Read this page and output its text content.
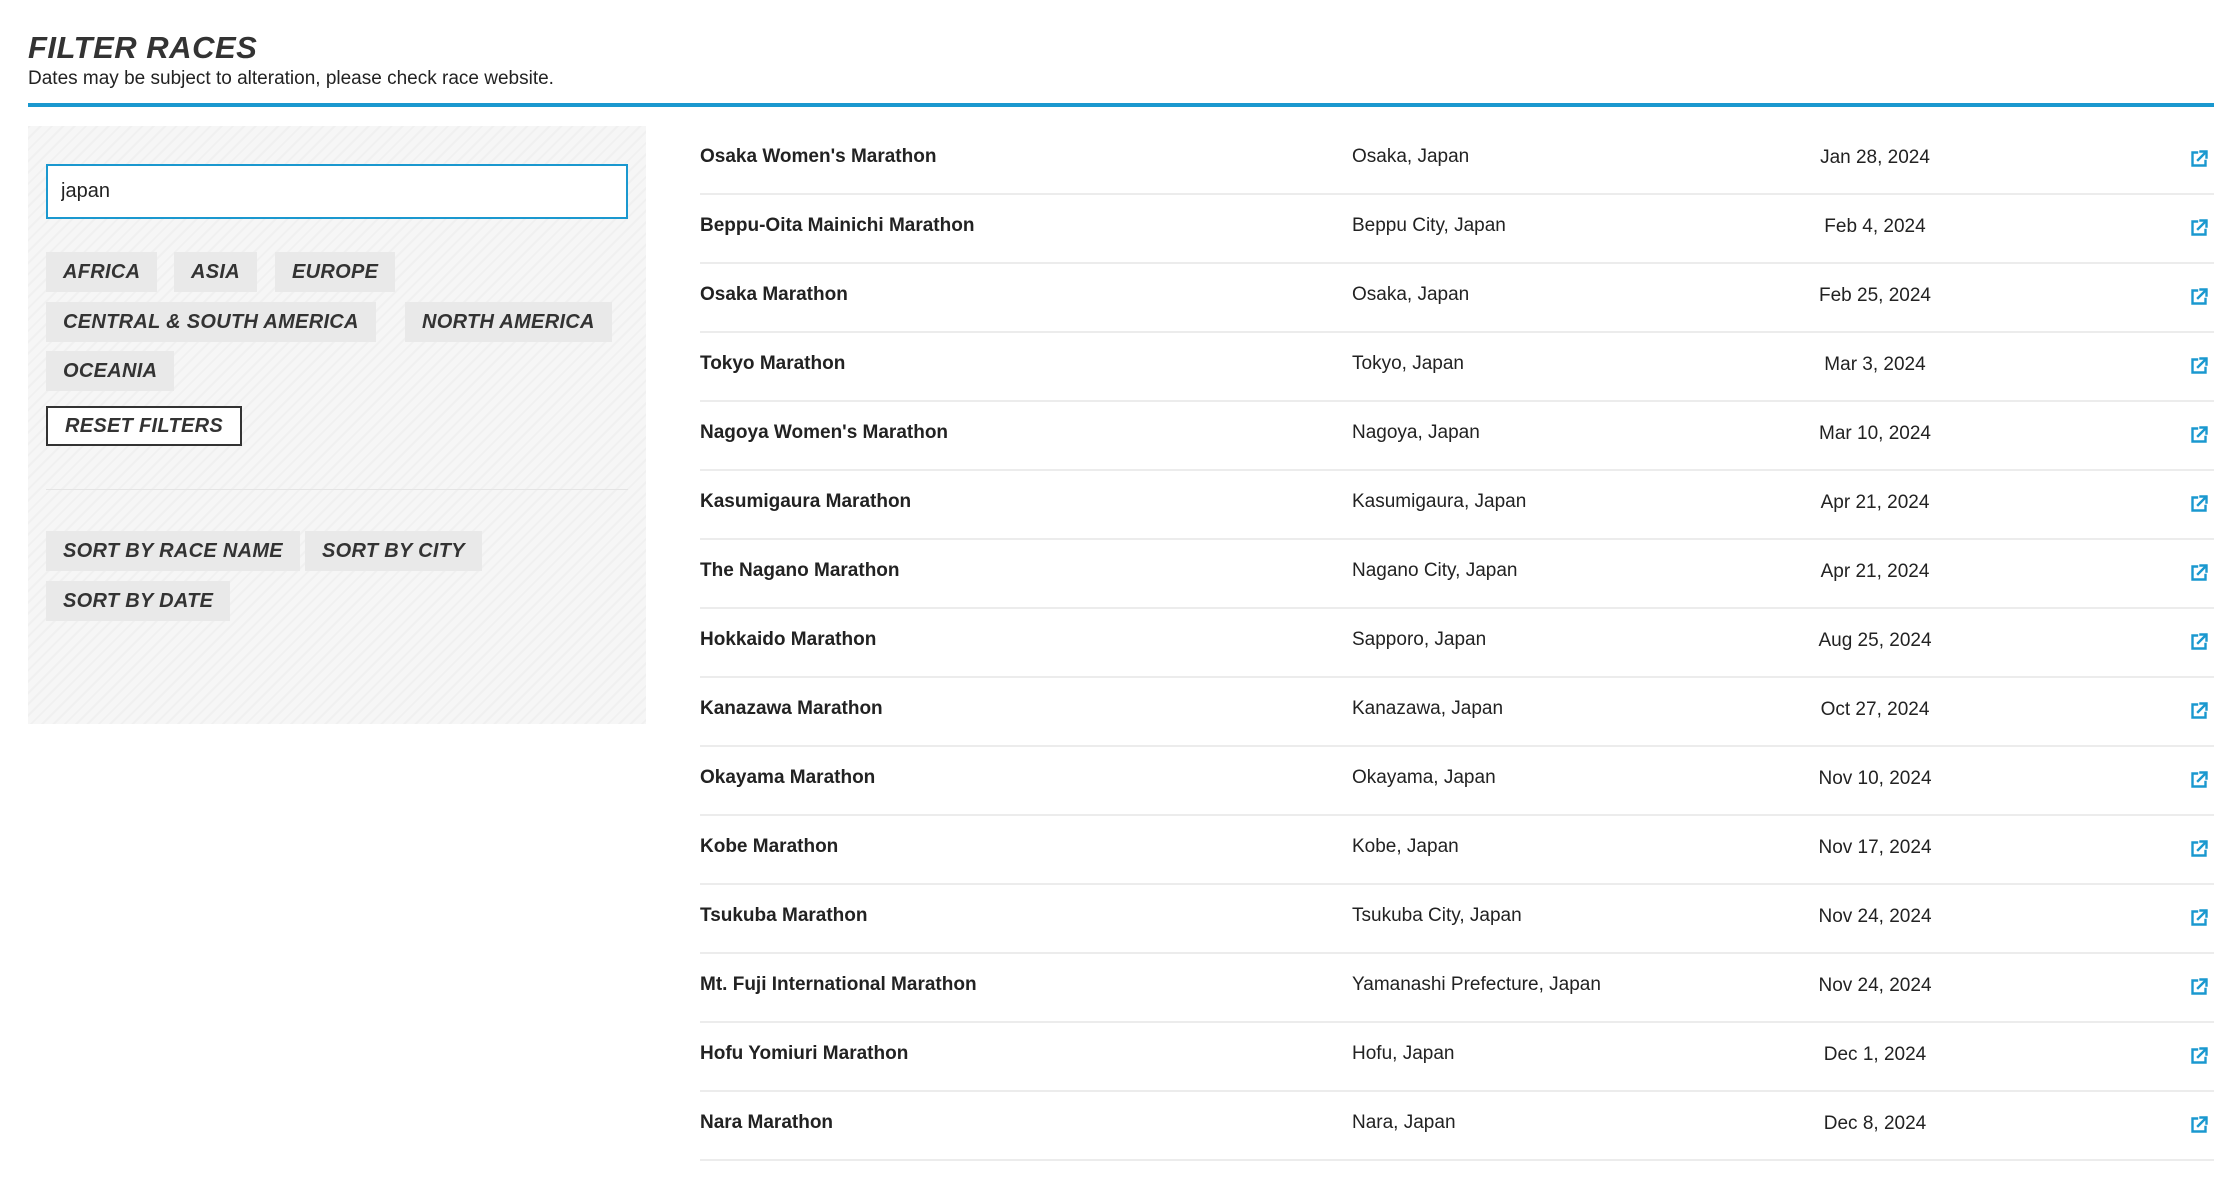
FILTER RACES
Dates may be subject to alteration, please check race website.
japan
AFRICA	ASIA	EUROPE
CENTRAL & SOUTH AMERICA	NORTH AMERICA
OCEANIA
RESET FILTERS
SORT BY RACE NAME	SORT BY CITY
SORT BY DATE
Osaka Women's Marathon	Osaka, Japan	Jan 28, 2024
Beppu-Oita Mainichi Marathon	Beppu City, Japan	Feb 4, 2024
Osaka Marathon	Osaka, Japan	Feb 25, 2024
Tokyo Marathon	Tokyo, Japan	Mar 3, 2024
Nagoya Women's Marathon	Nagoya, Japan	Mar 10, 2024
Kasumigaura Marathon	Kasumigaura, Japan	Apr 21, 2024
The Nagano Marathon	Nagano City, Japan	Apr 21, 2024
Hokkaido Marathon	Sapporo, Japan	Aug 25, 2024
Kanazawa Marathon	Kanazawa, Japan	Oct 27, 2024
Okayama Marathon	Okayama, Japan	Nov 10, 2024
Kobe Marathon	Kobe, Japan	Nov 17, 2024
Tsukuba Marathon	Tsukuba City, Japan	Nov 24, 2024
Mt. Fuji International Marathon	Yamanashi Prefecture, Japan	Nov 24, 2024
Hofu Yomiuri Marathon	Hofu, Japan	Dec 1, 2024
Nara Marathon	Nara, Japan	Dec 8, 2024
